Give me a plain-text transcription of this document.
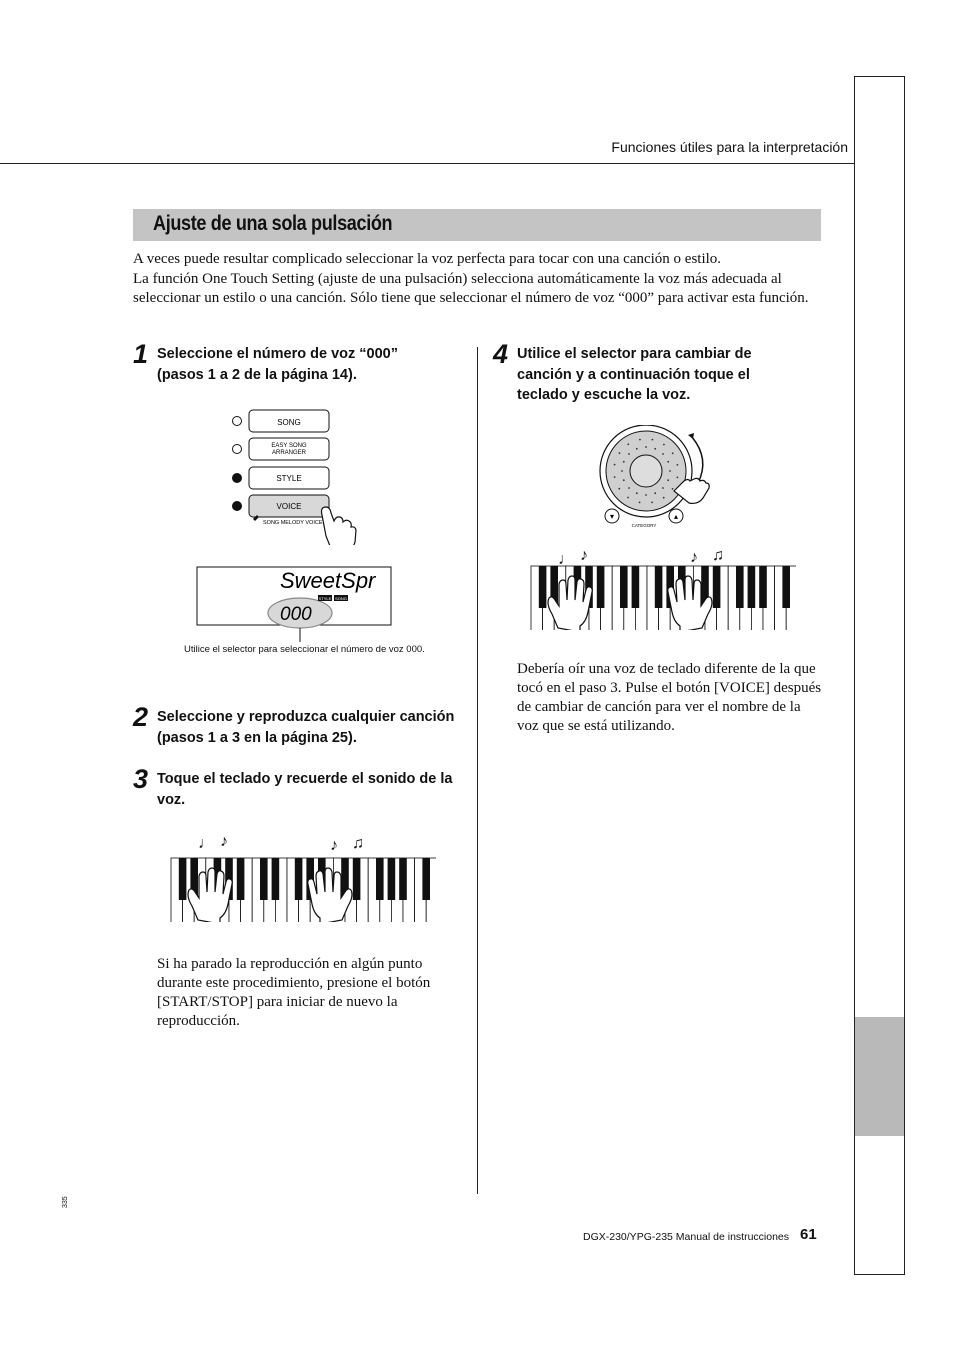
Funciones útiles para la interpretación
Ajuste de una sola pulsación

A veces puede resultar complicado seleccionar la voz perfecta para tocar con una canción o estilo.

La función One Touch Setting (ajuste de una pulsación) selecciona automáticamente la voz más adecuada al seleccionar un estilo o una canción. Sólo tiene que seleccionar el número de voz “000” para activar esta función.

1 Seleccione el número de voz “000” (pasos 1 a 2 de la página 14).
SONG
EASY SONG
ARRANGER
STYLE
VOICE
SONG MELODY VOICE
SweetSpr
000
STYLE SONG
Utilice el selector para seleccionar el número de voz 000.
2 Seleccione y reproduzca cualquier canción (pasos 1 a 3 en la página 25).
3 Toque el teclado y recuerde el sonido de la voz.
♩ ♪	♪ ♫
Si ha parado la reproducción en algún punto durante este procedimiento, presione el botón [START/STOP] para iniciar de nuevo la reproducción.
4 Utilice el selector para cambiar de canción y a continuación toque el teclado y escuche la voz.
▾	▴
CATEGORY
♩ ♪	♪ ♫
Debería oír una voz de teclado diferente de la que tocó en el paso 3. Pulse el botón [VOICE] después de cambiar de canción para ver el nombre de la voz que se está utilizando.
DGX-230/YPG-235 Manual de instrucciones 61
335
